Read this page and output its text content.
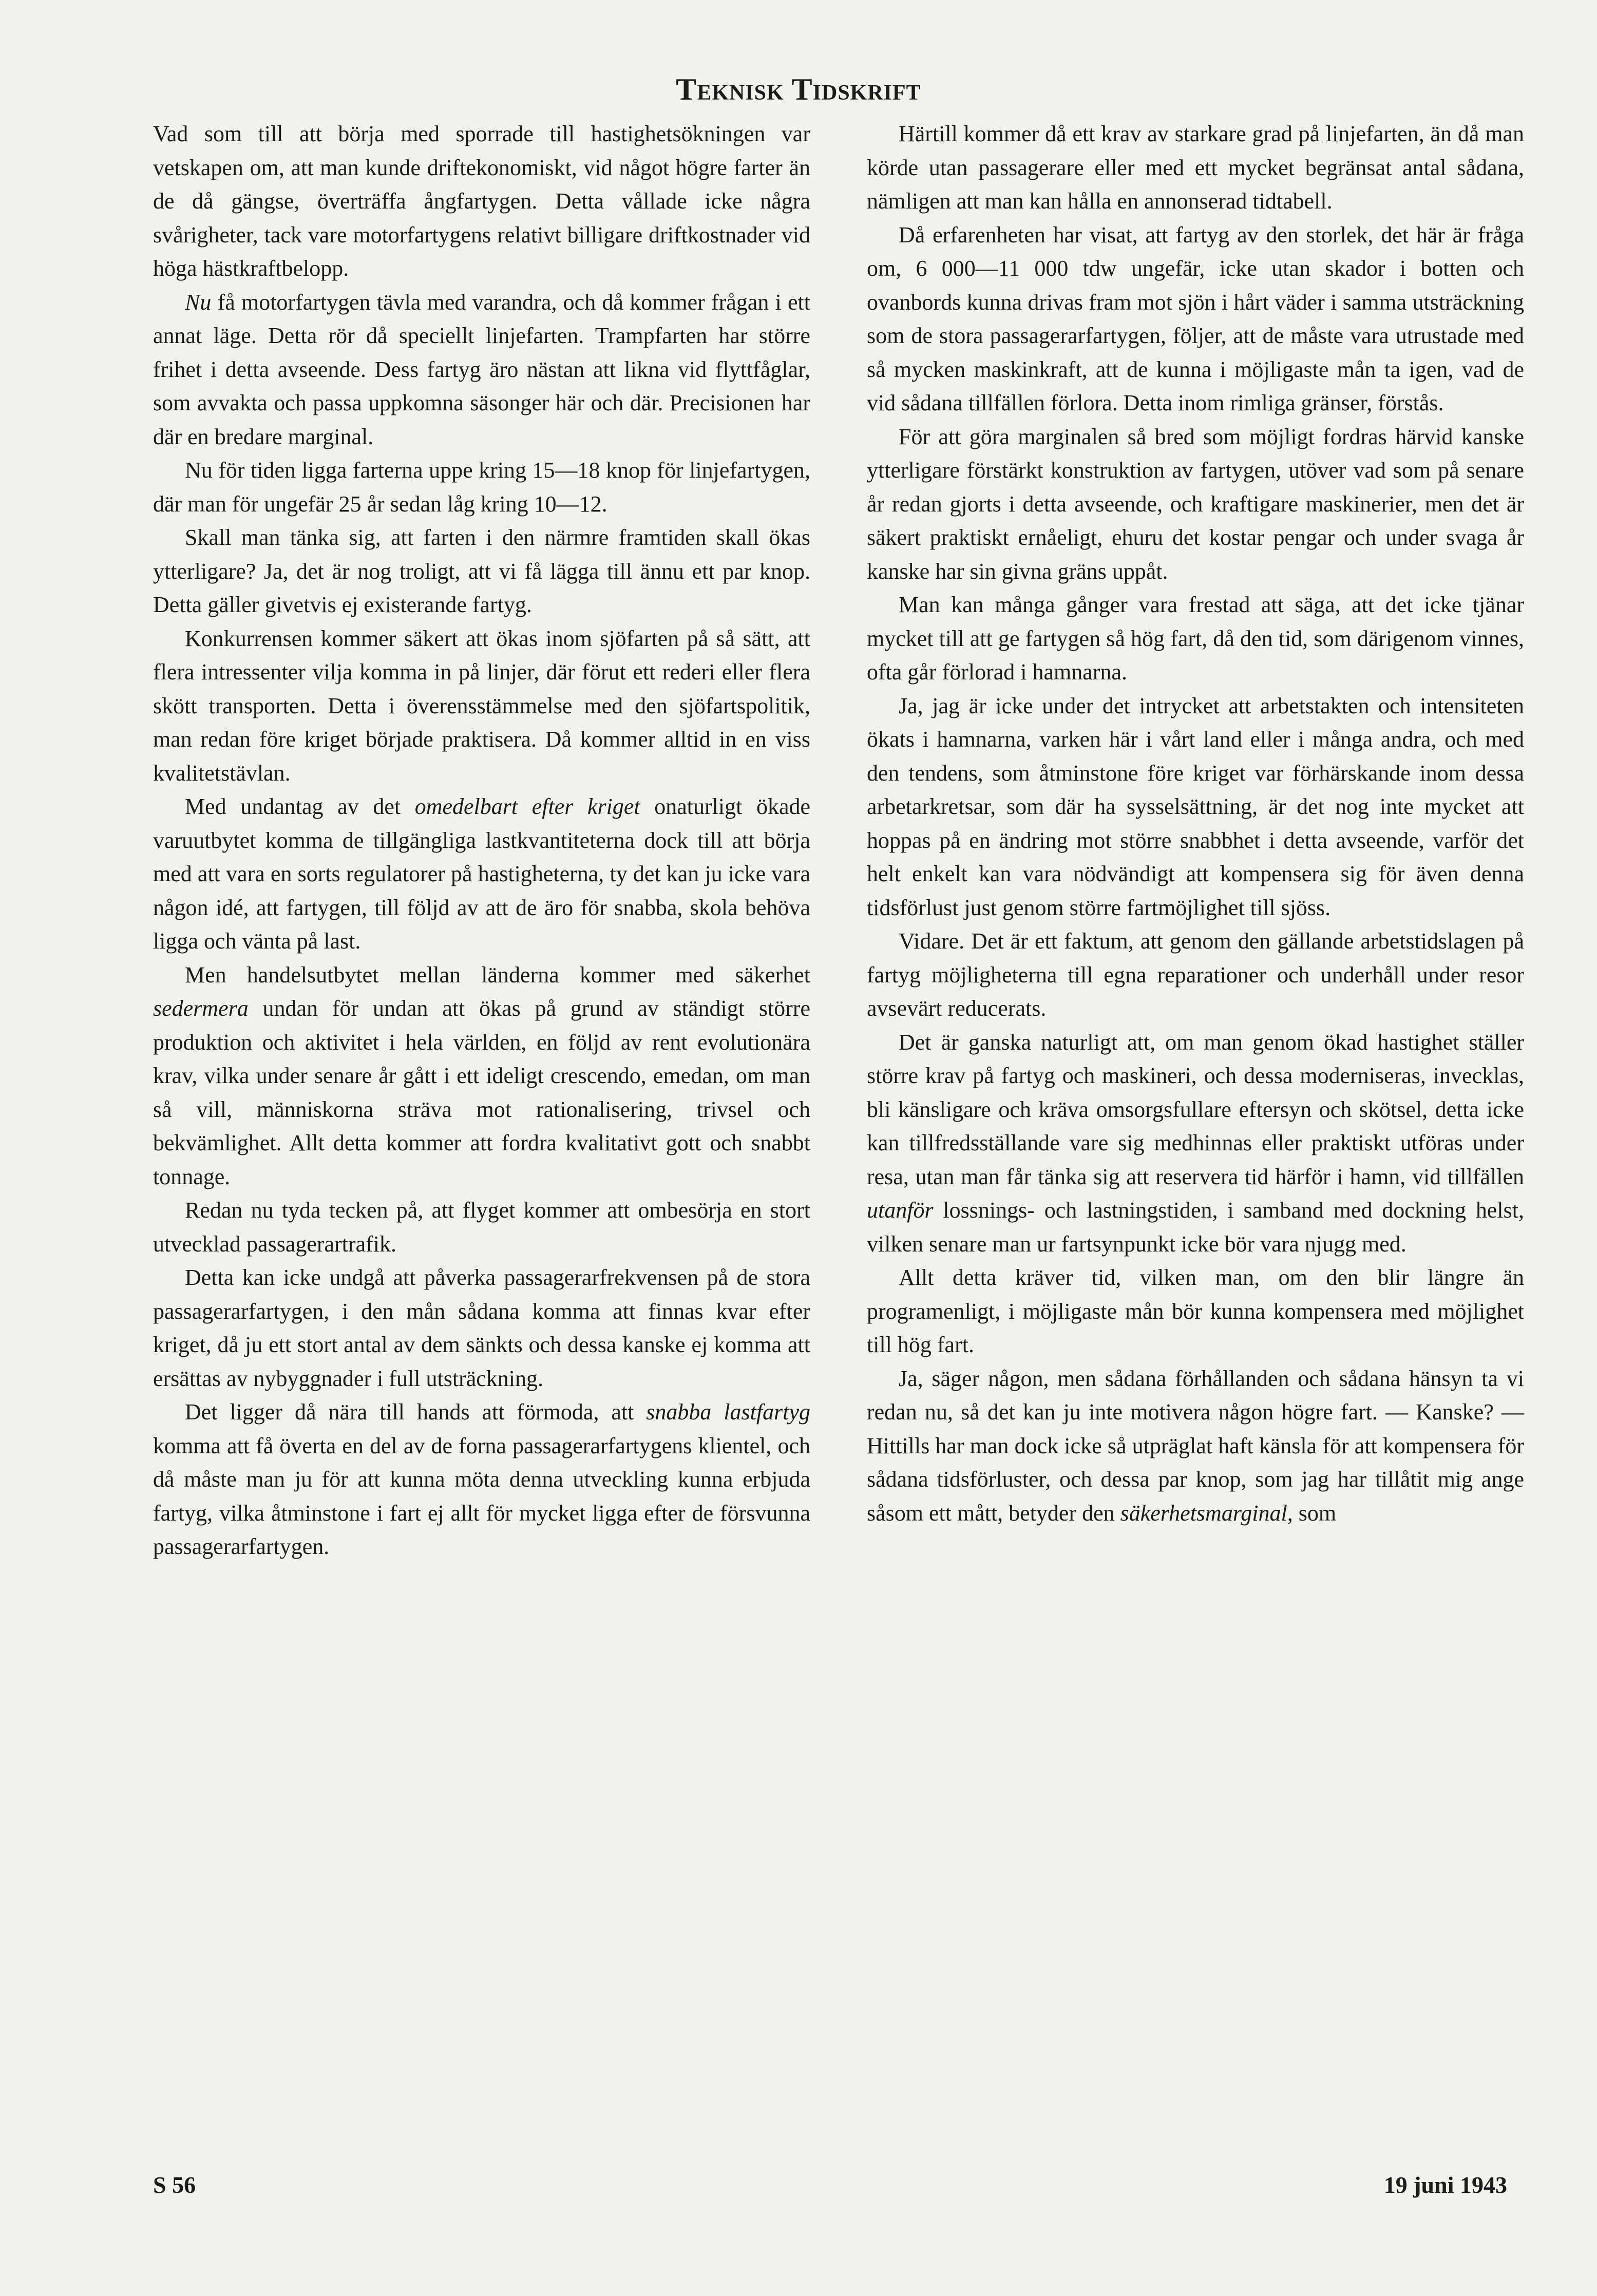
Teknisk Tidskrift

Vad som till att börja med sporrade till hastighetsökningen var vetskapen om, att man kunde driftekonomiskt, vid något högre farter än de då gängse, överträffa ångfartygen. Detta vållade icke några svårigheter, tack vare motorfartygens relativt billigare driftkostnader vid höga hästkraftbelopp.

Nu få motorfartygen tävla med varandra, och då kommer frågan i ett annat läge. Detta rör då speciellt linjefarten. Trampfarten har större frihet i detta avseende. Dess fartyg äro nästan att likna vid flyttfåglar, som avvakta och passa uppkomna säsonger här och där. Precisionen har där en bredare marginal.

Nu för tiden ligga farterna uppe kring 15—18 knop för linjefartygen, där man för ungefär 25 år sedan låg kring 10—12.

Skall man tänka sig, att farten i den närmre framtiden skall ökas ytterligare? Ja, det är nog troligt, att vi få lägga till ännu ett par knop. Detta gäller givetvis ej existerande fartyg.

Konkurrensen kommer säkert att ökas inom sjöfarten på så sätt, att flera intressenter vilja komma in på linjer, där förut ett rederi eller flera skött transporten. Detta i överensstämmelse med den sjöfartspolitik, man redan före kriget började praktisera. Då kommer alltid in en viss kvalitetstävlan.

Med undantag av det omedelbart efter kriget onaturligt ökade varuutbytet komma de tillgängliga lastkvantiteterna dock till att börja med att vara en sorts regulatorer på hastigheterna, ty det kan ju icke vara någon idé, att fartygen, till följd av att de äro för snabba, skola behöva ligga och vänta på last.

Men handelsutbytet mellan länderna kommer med säkerhet sedermera undan för undan att ökas på grund av ständigt större produktion och aktivitet i hela världen, en följd av rent evolutionära krav, vilka under senare år gått i ett ideligt crescendo, emedan, om man så vill, människorna sträva mot rationalisering, trivsel och bekvämlighet. Allt detta kommer att fordra kvalitativt gott och snabbt tonnage.

Redan nu tyda tecken på, att flyget kommer att ombesörja en stort utvecklad passagerartrafik.

Detta kan icke undgå att påverka passagerarfrekvensen på de stora passagerarfartygen, i den mån sådana komma att finnas kvar efter kriget, då ju ett stort antal av dem sänkts och dessa kanske ej komma att ersättas av nybyggnader i full utsträckning.

Det ligger då nära till hands att förmoda, att snabba lastfartyg komma att få överta en del av de forna passagerarfartygens klientel, och då måste man ju för att kunna möta denna utveckling kunna erbjuda fartyg, vilka åtminstone i fart ej allt för mycket ligga efter de försvunna passagerarfartygen.

Härtill kommer då ett krav av starkare grad på linjefarten, än då man körde utan passagerare eller med ett mycket begränsat antal sådana, nämligen att man kan hålla en annonserad tidtabell.

Då erfarenheten har visat, att fartyg av den storlek, det här är fråga om, 6 000—11 000 tdw ungefär, icke utan skador i botten och ovanbords kunna drivas fram mot sjön i hårt väder i samma utsträckning som de stora passagerarfartygen, följer, att de måste vara utrustade med så mycken maskinkraft, att de kunna i möjligaste mån ta igen, vad de vid sådana tillfällen förlora. Detta inom rimliga gränser, förstås.

För att göra marginalen så bred som möjligt fordras härvid kanske ytterligare förstärkt konstruktion av fartygen, utöver vad som på senare år redan gjorts i detta avseende, och kraftigare maskinerier, men det är säkert praktiskt ernåeligt, ehuru det kostar pengar och under svaga år kanske har sin givna gräns uppåt.

Man kan många gånger vara frestad att säga, att det icke tjänar mycket till att ge fartygen så hög fart, då den tid, som därigenom vinnes, ofta går förlorad i hamnarna.

Ja, jag är icke under det intrycket att arbetstakten och intensiteten ökats i hamnarna, varken här i vårt land eller i många andra, och med den tendens, som åtminstone före kriget var förhärskande inom dessa arbetarkretsar, som där ha sysselsättning, är det nog inte mycket att hoppas på en ändring mot större snabbhet i detta avseende, varför det helt enkelt kan vara nödvändigt att kompensera sig för även denna tidsförlust just genom större fartmöjlighet till sjöss.

Vidare. Det är ett faktum, att genom den gällande arbetstidslagen på fartyg möjligheterna till egna reparationer och underhåll under resor avsevärt reducerats.

Det är ganska naturligt att, om man genom ökad hastighet ställer större krav på fartyg och maskineri, och dessa moderniseras, invecklas, bli känsligare och kräva omsorgsfullare eftersyn och skötsel, detta icke kan tillfredsställande vare sig medhinnas eller praktiskt utföras under resa, utan man får tänka sig att reservera tid härför i hamn, vid tillfällen utanför lossnings- och lastningstiden, i samband med dockning helst, vilken senare man ur fartsynpunkt icke bör vara njugg med.

Allt detta kräver tid, vilken man, om den blir längre än programenligt, i möjligaste mån bör kunna kompensera med möjlighet till hög fart.

Ja, säger någon, men sådana förhållanden och sådana hänsyn ta vi redan nu, så det kan ju inte motivera någon högre fart. — Kanske? — Hittills har man dock icke så utpräglat haft känsla för att kompensera för sådana tidsförluster, och dessa par knop, som jag har tillåtit mig ange såsom ett mått, betyder den säkerhetsmarginal, som

S 56	19 juni 1943
